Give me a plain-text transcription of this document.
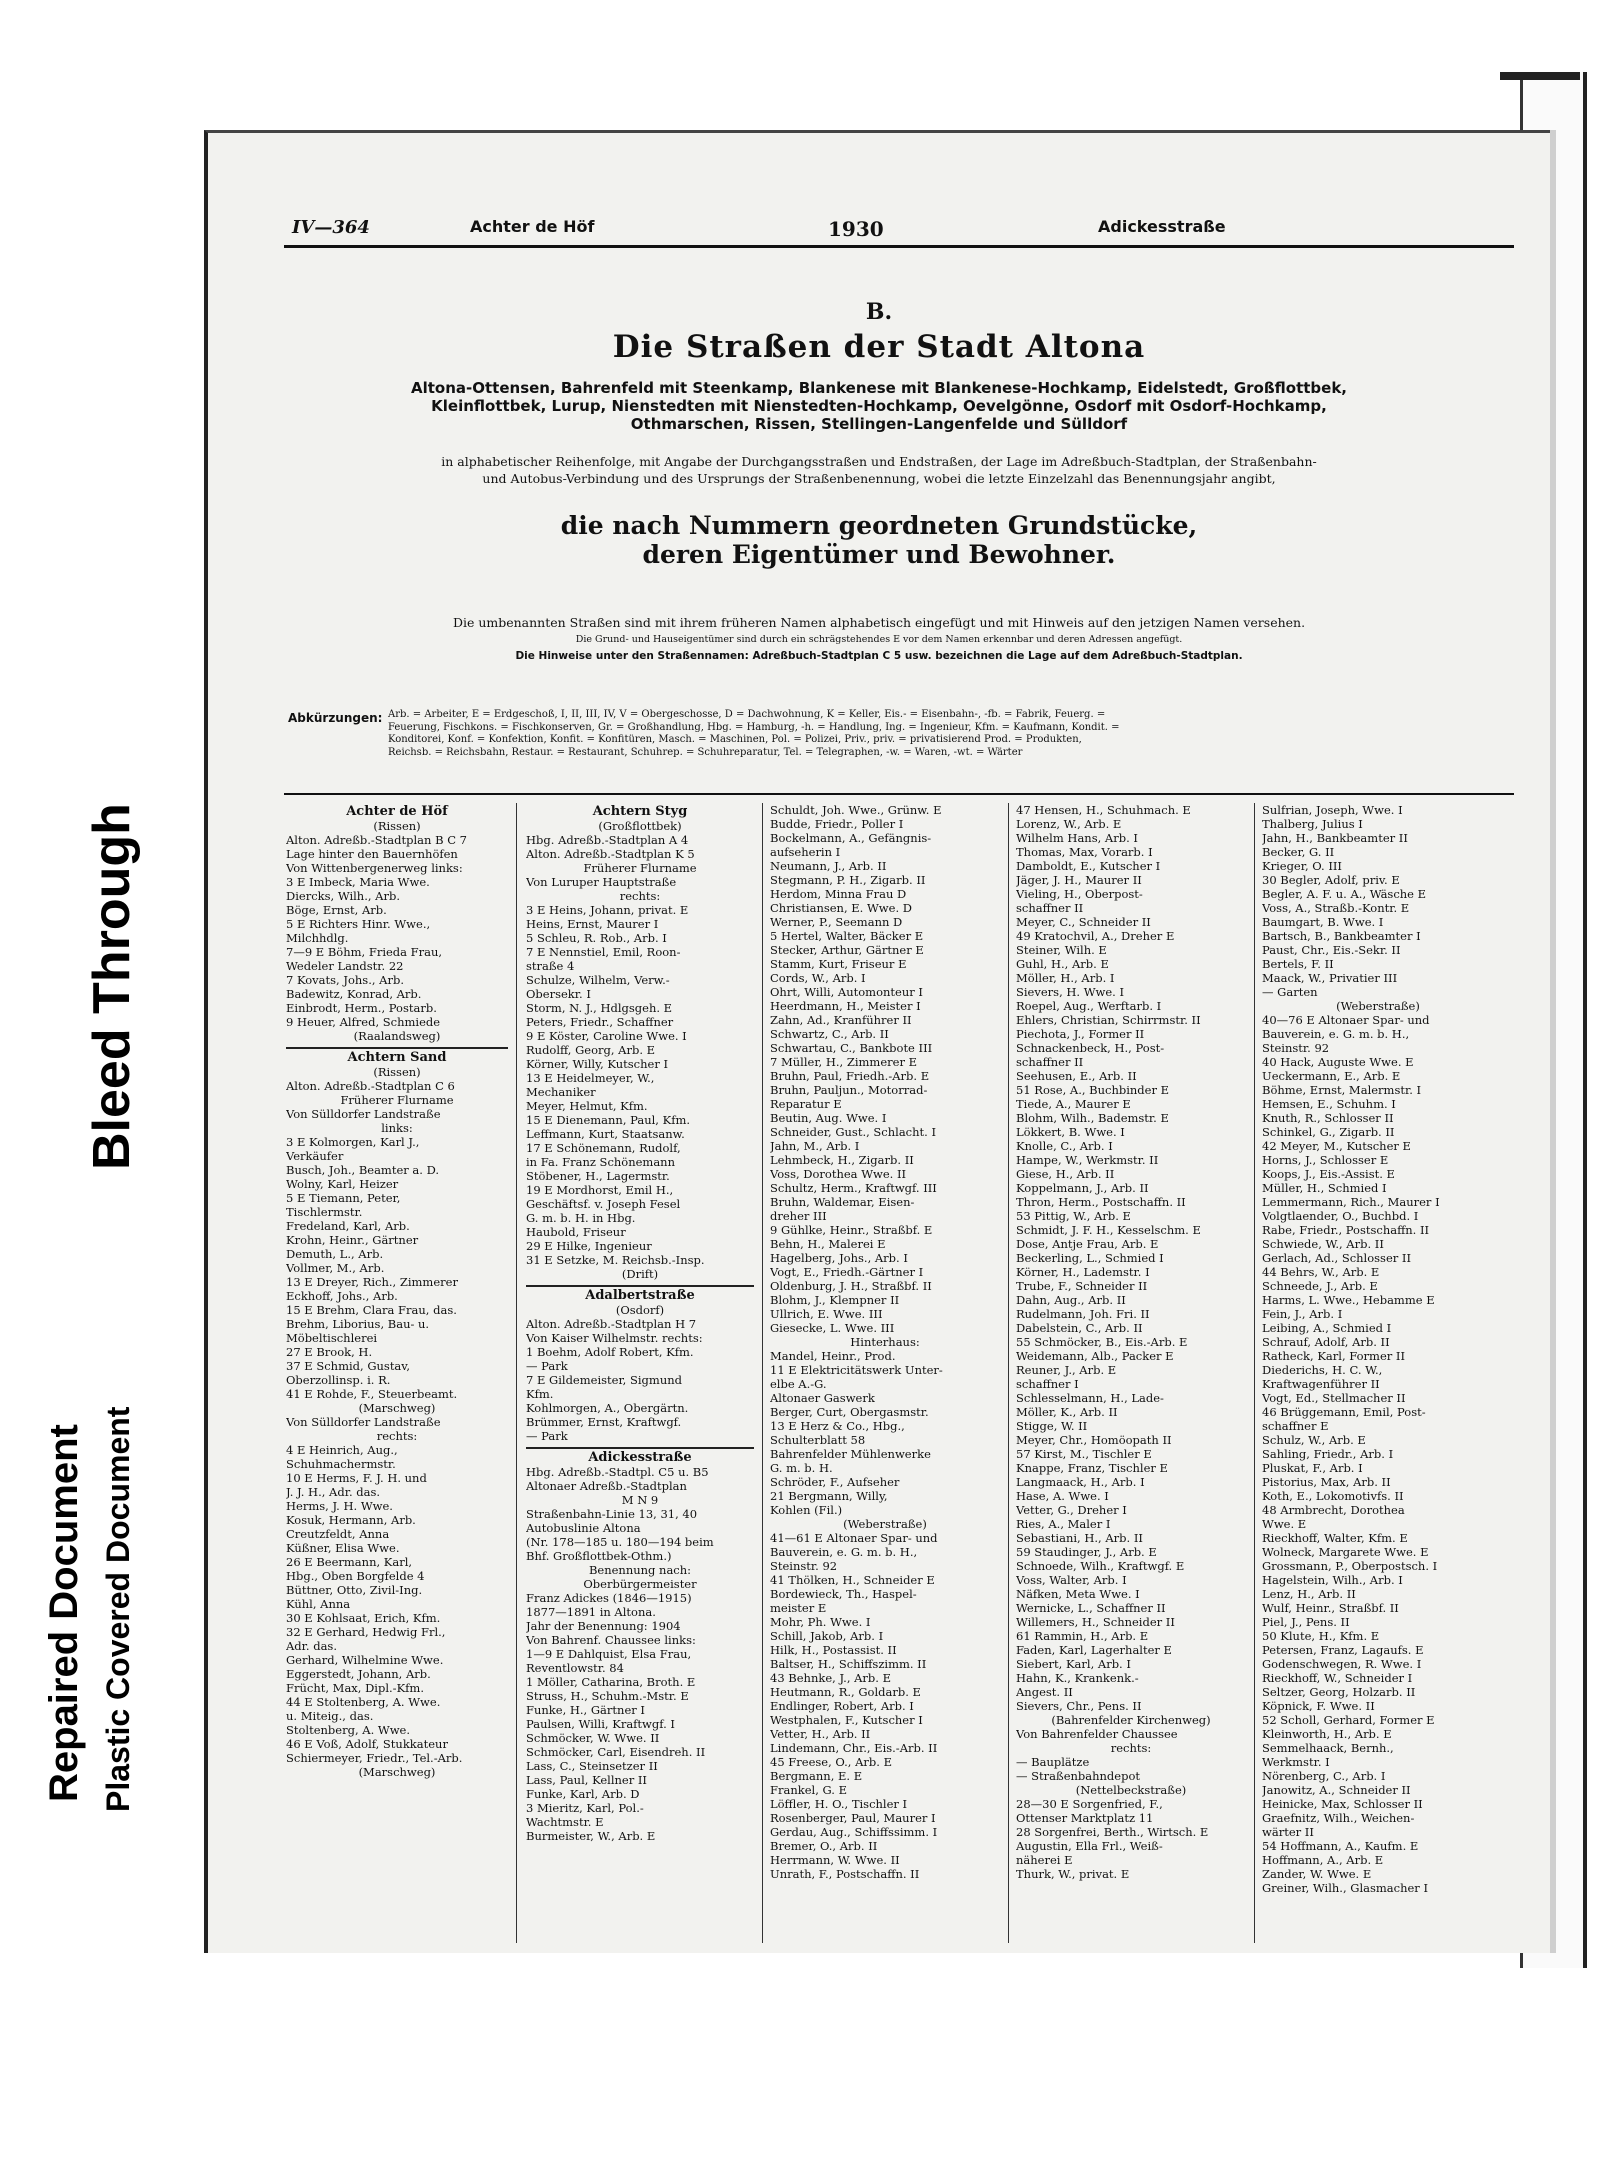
Repaired Document Plastic Covered Document
Bleed Through
IV—364	Achter de Höf	1930	Adickesstraße
B.
Die Straßen der Stadt Altona
Altona-Ottensen, Bahrenfeld mit Steenkamp, Blankenese mit Blankenese-Hochkamp, Eidelstedt, Großflottbek,
Kleinflottbek, Lurup, Nienstedten mit Nienstedten-Hochkamp, Oevelgönne, Osdorf mit Osdorf-Hochkamp,
Othmarschen, Rissen, Stellingen-Langenfelde und Sülldorf
in alphabetischer Reihenfolge, mit Angabe der Durchgangsstraßen und Endstraßen, der Lage im Adreßbuch-Stadtplan, der Straßenbahn-
und Autobus-Verbindung und des Ursprungs der Straßenbenennung, wobei die letzte Einzelzahl das Benennungsjahr angibt,
die nach Nummern geordneten Grundstücke,
deren Eigentümer und Bewohner.
Die umbenannten Straßen sind mit ihrem früheren Namen alphabetisch eingefügt und mit Hinweis auf den jetzigen Namen versehen.
Die Grund- und Hauseigentümer sind durch ein schrägstehendes E vor dem Namen erkennbar und deren Adressen angefügt.
Die Hinweise unter den Straßennamen: Adreßbuch-Stadtplan C 5 usw. bezeichnen die Lage auf dem Adreßbuch-Stadtplan.
Abkürzungen: Arb. = Arbeiter, E = Erdgeschoß, I, II, III, IV, V = Obergeschosse, D = Dachwohnung, K = Keller, Eis.- = Eisenbahn-, -fb. = Fabrik, Feuerg. =
Feuerung, Fischkons. = Fischkonserven, Gr. = Großhandlung, Hbg. = Hamburg, -h. = Handlung, Ing. = Ingenieur, Kfm. = Kaufmann, Kondit. =
Konditorei, Konf. = Konfektion, Konfit. = Konfitüren, Masch. = Maschinen, Pol. = Polizei, Priv., priv. = privatisierend Prod. = Produkten,
Reichsb. = Reichsbahn, Restaur. = Restaurant, Schuhrep. = Schuhreparatur, Tel. = Telegraphen, -w. = Waren, -wt. = Wärter
Achter de Höf
(Rissen)
Alton. Adreßb.-Stadtplan B C 7
Lage hinter den Bauernhöfen
Von Wittenbergenerweg links:
3 E Imbeck, Maria Wwe.
Diercks, Wilh., Arb.
Böge, Ernst, Arb.
5 E Richters Hinr. Wwe.,
Milchhdlg.
7—9 E Böhm, Frieda Frau,
Wedeler Landstr. 22
7 Kovats, Johs., Arb.
Badewitz, Konrad, Arb.
Einbrodt, Herm., Postarb.
9 Heuer, Alfred, Schmiede
(Raalandsweg)
Achtern Sand
(Rissen)
Alton. Adreßb.-Stadtplan C 6
Früherer Flurname
Von Sülldorfer Landstraße
links:
3 E Kolmorgen, Karl J.,
Verkäufer
Busch, Joh., Beamter a. D.
Wolny, Karl, Heizer
5 E Tiemann, Peter,
Tischlermstr.
Fredeland, Karl, Arb.
Krohn, Heinr., Gärtner
Demuth, L., Arb.
Vollmer, M., Arb.
13 E Dreyer, Rich., Zimmerer
Eckhoff, Johs., Arb.
15 E Brehm, Clara Frau, das.
Brehm, Liborius, Bau- u.
Möbeltischlerei
27 E Brook, H.
37 E Schmid, Gustav,
Oberzollinsp. i. R.
41 E Rohde, F., Steuerbeamt.
(Marschweg)
Von Sülldorfer Landstraße
rechts:
4 E Heinrich, Aug.,
Schuhmachermstr.
10 E Herms, F. J. H. und
J. J. H., Adr. das.
Herms, J. H. Wwe.
Kosuk, Hermann, Arb.
Creutzfeldt, Anna
Küßner, Elisa Wwe.
26 E Beermann, Karl,
Hbg., Oben Borgfelde 4
Büttner, Otto, Zivil-Ing.
Kühl, Anna
30 E Kohlsaat, Erich, Kfm.
32 E Gerhard, Hedwig Frl.,
Adr. das.
Gerhard, Wilhelmine Wwe.
Eggerstedt, Johann, Arb.
Frücht, Max, Dipl.-Kfm.
44 E Stoltenberg, A. Wwe.
u. Miteig., das.
Stoltenberg, A. Wwe.
46 E Voß, Adolf, Stukkateur
Schiermeyer, Friedr., Tel.-Arb.
(Marschweg)
Achtern Styg
(Großflottbek)
Hbg. Adreßb.-Stadtplan A 4
Alton. Adreßb.-Stadtplan K 5
Früherer Flurname
Von Luruper Hauptstraße
rechts:
3 E Heins, Johann, privat. E
Heins, Ernst, Maurer I
5 Schleu, R. Rob., Arb. I
7 E Nennstiel, Emil, Roon-
straße 4
Schulze, Wilhelm, Verw.-
Obersekr. I
Storm, N. J., Hdlgsgeh. E
Peters, Friedr., Schaffner
9 E Köster, Caroline Wwe. I
Rudolff, Georg, Arb. E
Körner, Willy, Kutscher I
13 E Heidelmeyer, W.,
Mechaniker
Meyer, Helmut, Kfm.
15 E Dienemann, Paul, Kfm.
Leffmann, Kurt, Staatsanw.
17 E Schönemann, Rudolf,
in Fa. Franz Schönemann
Stöbener, H., Lagermstr.
19 E Mordhorst, Emil H.,
Geschäftsf. v. Joseph Fesel
G. m. b. H. in Hbg.
Haubold, Friseur
29 E Hilke, Ingenieur
31 E Setzke, M. Reichsb.-Insp.
(Drift)
Adalbertstraße
(Osdorf)
Alton. Adreßb.-Stadtplan H 7
Von Kaiser Wilhelmstr. rechts:
1 Boehm, Adolf Robert, Kfm.
— Park
7 E Gildemeister, Sigmund
Kfm.
Kohlmorgen, A., Obergärtn.
Brümmer, Ernst, Kraftwgf.
— Park
Adickesstraße
Hbg. Adreßb.-Stadtpl. C5 u. B5
Altonaer Adreßb.-Stadtplan
M N 9
Straßenbahn-Linie 13, 31, 40
Autobuslinie Altona
(Nr. 178—185 u. 180—194 beim
Bhf. Großflottbek-Othm.)
Benennung nach:
Oberbürgermeister
Franz Adickes (1846—1915)
1877—1891 in Altona.
Jahr der Benennung: 1904
Von Bahrenf. Chaussee links:
1—9 E Dahlquist, Elsa Frau,
Reventlowstr. 84
1 Möller, Catharina, Broth. E
Struss, H., Schuhm.-Mstr. E
Funke, H., Gärtner I
Paulsen, Willi, Kraftwgf. I
Schmöcker, W. Wwe. II
Schmöcker, Carl, Eisendreh. II
Lass, C., Steinsetzer II
Lass, Paul, Kellner II
Funke, Karl, Arb. D
3 Mieritz, Karl, Pol.-
Wachtmstr. E
Burmeister, W., Arb. E
Schuldt, Joh. Wwe., Grünw. E
Budde, Friedr., Poller I
Bockelmann, A., Gefängnis-
aufseherin I
Neumann, J., Arb. II
Stegmann, P. H., Zigarb. II
Herdom, Minna Frau D
Christiansen, E. Wwe. D
Werner, P., Seemann D
5 Hertel, Walter, Bäcker E
Stecker, Arthur, Gärtner E
Stamm, Kurt, Friseur E
Cords, W., Arb. I
Ohrt, Willi, Automonteur I
Heerdmann, H., Meister I
Zahn, Ad., Kranführer II
Schwartz, C., Arb. II
Schwartau, C., Bankbote III
7 Müller, H., Zimmerer E
Bruhn, Paul, Friedh.-Arb. E
Bruhn, Pauljun., Motorrad-
Reparatur E
Beutin, Aug. Wwe. I
Schneider, Gust., Schlacht. I
Jahn, M., Arb. I
Lehmbeck, H., Zigarb. II
Voss, Dorothea Wwe. II
Schultz, Herm., Kraftwgf. III
Bruhn, Waldemar, Eisen-
dreher III
9 Gühlke, Heinr., Straßbf. E
Behn, H., Malerei E
Hagelberg, Johs., Arb. I
Vogt, E., Friedh.-Gärtner I
Oldenburg, J. H., Straßbf. II
Blohm, J., Klempner II
Ullrich, E. Wwe. III
Giesecke, L. Wwe. III
Hinterhaus:
Mandel, Heinr., Prod.
11 E Elektricitätswerk Unter-
elbe A.-G.
Altonaer Gaswerk
Berger, Curt, Obergasmstr.
13 E Herz & Co., Hbg.,
Schulterblatt 58
Bahrenfelder Mühlenwerke
G. m. b. H.
Schröder, F., Aufseher
21 Bergmann, Willy,
Kohlen (Fil.)
(Weberstraße)
41—61 E Altonaer Spar- und
Bauverein, e. G. m. b. H.,
Steinstr. 92
41 Thölken, H., Schneider E
Bordewieck, Th., Haspel-
meister E
Mohr, Ph. Wwe. I
Schill, Jakob, Arb. I
Hilk, H., Postassist. II
Baltser, H., Schiffszimm. II
43 Behnke, J., Arb. E
Heutmann, R., Goldarb. E
Endlinger, Robert, Arb. I
Westphalen, F., Kutscher I
Vetter, H., Arb. II
Lindemann, Chr., Eis.-Arb. II
45 Freese, O., Arb. E
Bergmann, E. E
Frankel, G. E
Löffler, H. O., Tischler I
Rosenberger, Paul, Maurer I
Gerdau, Aug., Schiffssimm. I
Bremer, O., Arb. II
Herrmann, W. Wwe. II
Unrath, F., Postschaffn. II
47 Hensen, H., Schuhmach. E
Lorenz, W., Arb. E
Wilhelm Hans, Arb. I
Thomas, Max, Vorarb. I
Damboldt, E., Kutscher I
Jäger, J. H., Maurer II
Vieling, H., Oberpost-
schaffner II
Meyer, C., Schneider II
49 Kratochvil, A., Dreher E
Steiner, Wilh. E
Guhl, H., Arb. E
Möller, H., Arb. I
Sievers, H. Wwe. I
Roepel, Aug., Werftarb. I
Ehlers, Christian, Schirrmstr. II
Piechota, J., Former II
Schnackenbeck, H., Post-
schaffner II
Seehusen, E., Arb. II
51 Rose, A., Buchbinder E
Tiede, A., Maurer E
Blohm, Wilh., Bademstr. E
Lökkert, B. Wwe. I
Knolle, C., Arb. I
Hampe, W., Werkmstr. II
Giese, H., Arb. II
Koppelmann, J., Arb. II
Thron, Herm., Postschaffn. II
53 Pittig, W., Arb. E
Schmidt, J. F. H., Kesselschm. E
Dose, Antje Frau, Arb. E
Beckerling, L., Schmied I
Körner, H., Lademstr. I
Trube, F., Schneider II
Dahn, Aug., Arb. II
Rudelmann, Joh. Fri. II
Dabelstein, C., Arb. II
55 Schmöcker, B., Eis.-Arb. E
Weidemann, Alb., Packer E
Reuner, J., Arb. E
schaffner I
Schlesselmann, H., Lade-
Möller, K., Arb. II
Stigge, W. II
Meyer, Chr., Homöopath II
57 Kirst, M., Tischler E
Knappe, Franz, Tischler E
Langmaack, H., Arb. I
Hase, A. Wwe. I
Vetter, G., Dreher I
Ries, A., Maler I
Sebastiani, H., Arb. II
59 Staudinger, J., Arb. E
Schnoede, Wilh., Kraftwgf. E
Voss, Walter, Arb. I
Näfken, Meta Wwe. I
Wernicke, L., Schaffner II
Willemers, H., Schneider II
61 Rammin, H., Arb. E
Faden, Karl, Lagerhalter E
Siebert, Karl, Arb. I
Hahn, K., Krankenk.-
Angest. II
Sievers, Chr., Pens. II
(Bahrenfelder Kirchenweg)
Von Bahrenfelder Chaussee
rechts:
— Bauplätze
— Straßenbahndepot
(Nettelbeckstraße)
28—30 E Sorgenfried, F.,
Ottenser Marktplatz 11
28 Sorgenfrei, Berth., Wirtsch. E
Augustin, Ella Frl., Weiß-
näherei E
Thurk, W., privat. E
Sulfrian, Joseph, Wwe. I
Thalberg, Julius I
Jahn, H., Bankbeamter II
Becker, G. II
Krieger, O. III
30 Begler, Adolf, priv. E
Begler, A. F. u. A., Wäsche E
Voss, A., Straßb.-Kontr. E
Baumgart, B. Wwe. I
Bartsch, B., Bankbeamter I
Paust, Chr., Eis.-Sekr. II
Bertels, F. II
Maack, W., Privatier III
— Garten
(Weberstraße)
40—76 E Altonaer Spar- und
Bauverein, e. G. m. b. H.,
Steinstr. 92
40 Hack, Auguste Wwe. E
Ueckermann, E., Arb. E
Böhme, Ernst, Malermstr. I
Hemsen, E., Schuhm. I
Knuth, R., Schlosser II
Schinkel, G., Zigarb. II
42 Meyer, M., Kutscher E
Horns, J., Schlosser E
Koops, J., Eis.-Assist. E
Müller, H., Schmied I
Lemmermann, Rich., Maurer I
Volgtlaender, O., Buchbd. I
Rabe, Friedr., Postschaffn. II
Schwiede, W., Arb. II
Gerlach, Ad., Schlosser II
44 Behrs, W., Arb. E
Schneede, J., Arb. E
Harms, L. Wwe., Hebamme E
Fein, J., Arb. I
Leibing, A., Schmied I
Schrauf, Adolf, Arb. II
Ratheck, Karl, Former II
Diederichs, H. C. W.,
Kraftwagenführer II
Vogt, Ed., Stellmacher II
46 Brüggemann, Emil, Post-
schaffner E
Schulz, W., Arb. E
Sahling, Friedr., Arb. I
Pluskat, F., Arb. I
Pistorius, Max, Arb. II
Koth, E., Lokomotivfs. II
48 Armbrecht, Dorothea
Wwe. E
Rieckhoff, Walter, Kfm. E
Wolneck, Margarete Wwe. E
Grossmann, P., Oberpostsch. I
Hagelstein, Wilh., Arb. I
Lenz, H., Arb. II
Wulf, Heinr., Straßbf. II
Piel, J., Pens. II
50 Klute, H., Kfm. E
Petersen, Franz, Lagaufs. E
Godenschwegen, R. Wwe. I
Rieckhoff, W., Schneider I
Seltzer, Georg, Holzarb. II
Köpnick, F. Wwe. II
52 Scholl, Gerhard, Former E
Kleinworth, H., Arb. E
Semmelhaack, Bernh.,
Werkmstr. I
Nörenberg, C., Arb. I
Janowitz, A., Schneider II
Heinicke, Max, Schlosser II
Graefnitz, Wilh., Weichen-
wärter II
54 Hoffmann, A., Kaufm. E
Hoffmann, A., Arb. E
Zander, W. Wwe. E
Greiner, Wilh., Glasmacher I
